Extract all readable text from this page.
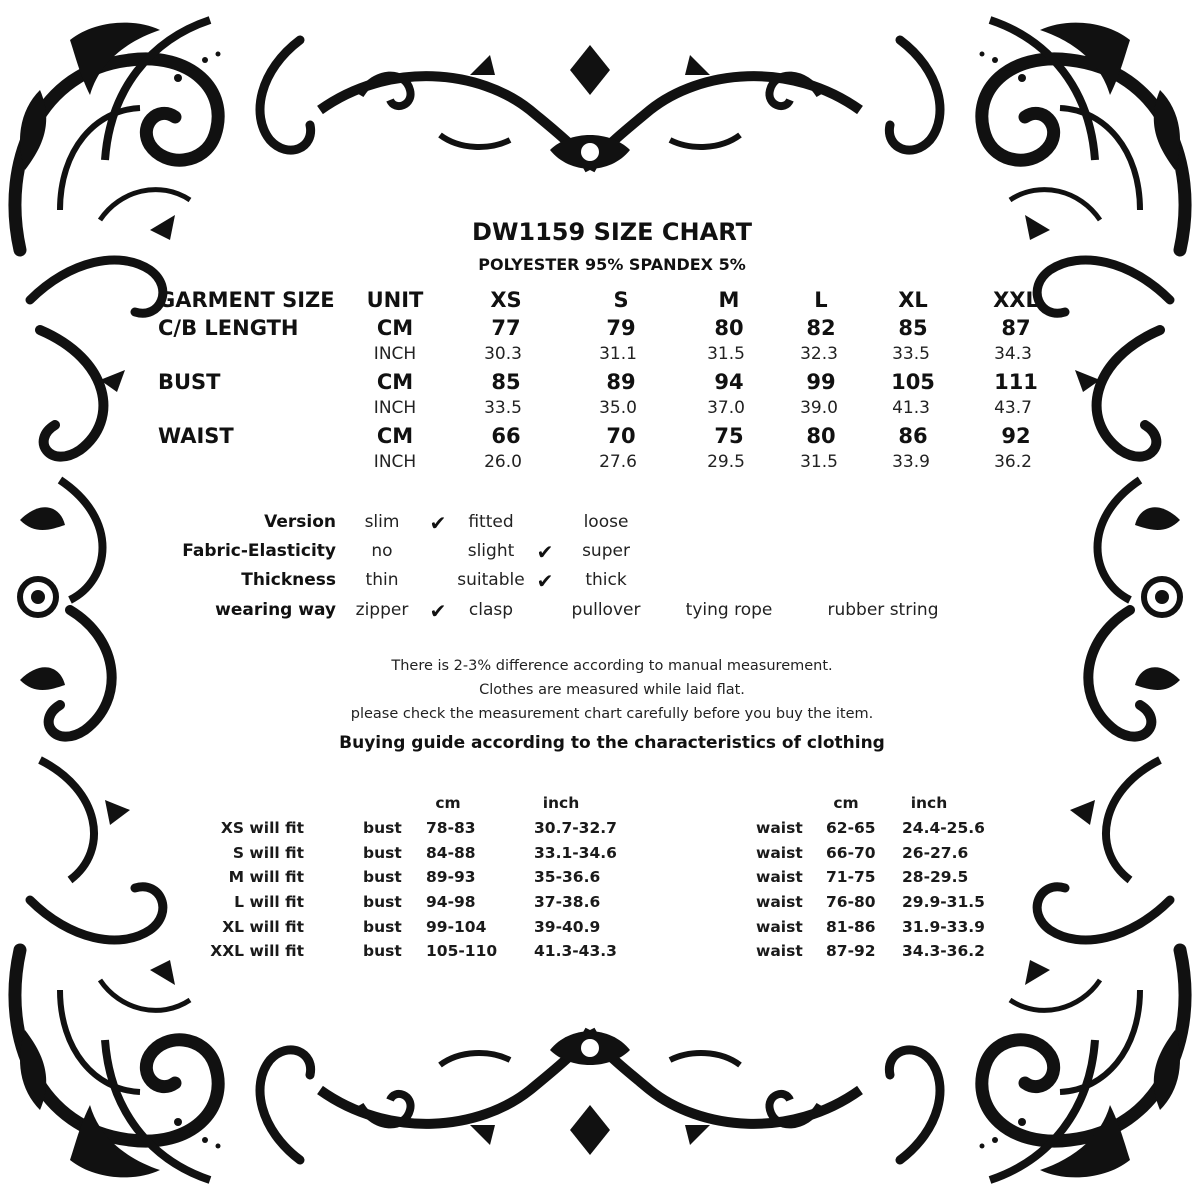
DW1159 SIZE CHART
POLYESTER 95% SPANDEX 5%
GARMENT SIZE UNIT	XS	S	M	L	XL	XXL
C/B LENGTH	CM	77	79	80	82	85	87
INCH	30.3	31.1	31.5	32.3	33.5	34.3
BUST	CM	85	89	94	99	105	111
INCH	33.5	35.0	37.0	39.0	41.3	43.7
WAIST	CM	66	70	75	80	86	92
INCH	26.0	27.6	29.5	31.5	33.9	36.2
Version slim ✔ fitted	loose
Fabric-Elasticity no	slight ✔ super
Thickness thin	suitable ✔ thick
wearing way zipper ✔ clasp	pullover	tying rope	rubber string
There is 2-3% difference according to manual measurement.
Clothes are measured while laid flat.
please check the measurement chart carefully before you buy the item.
Buying guide according to the characteristics of clothing
cm	inch	cm	inch
XS will fit	bust 78-83	30.7-32.7	waist 62-65 24.4-25.6
S will fit	bust 84-88	33.1-34.6	waist 66-70 26-27.6
M will fit	bust 89-93	35-36.6	waist 71-75 28-29.5
L will fit	bust 94-98	37-38.6	waist 76-80 29.9-31.5
XL will fit	bust 99-104	39-40.9	waist 81-86 31.9-33.9
XXL will fit	bust 105-110 41.3-43.3	waist 87-92 34.3-36.2
